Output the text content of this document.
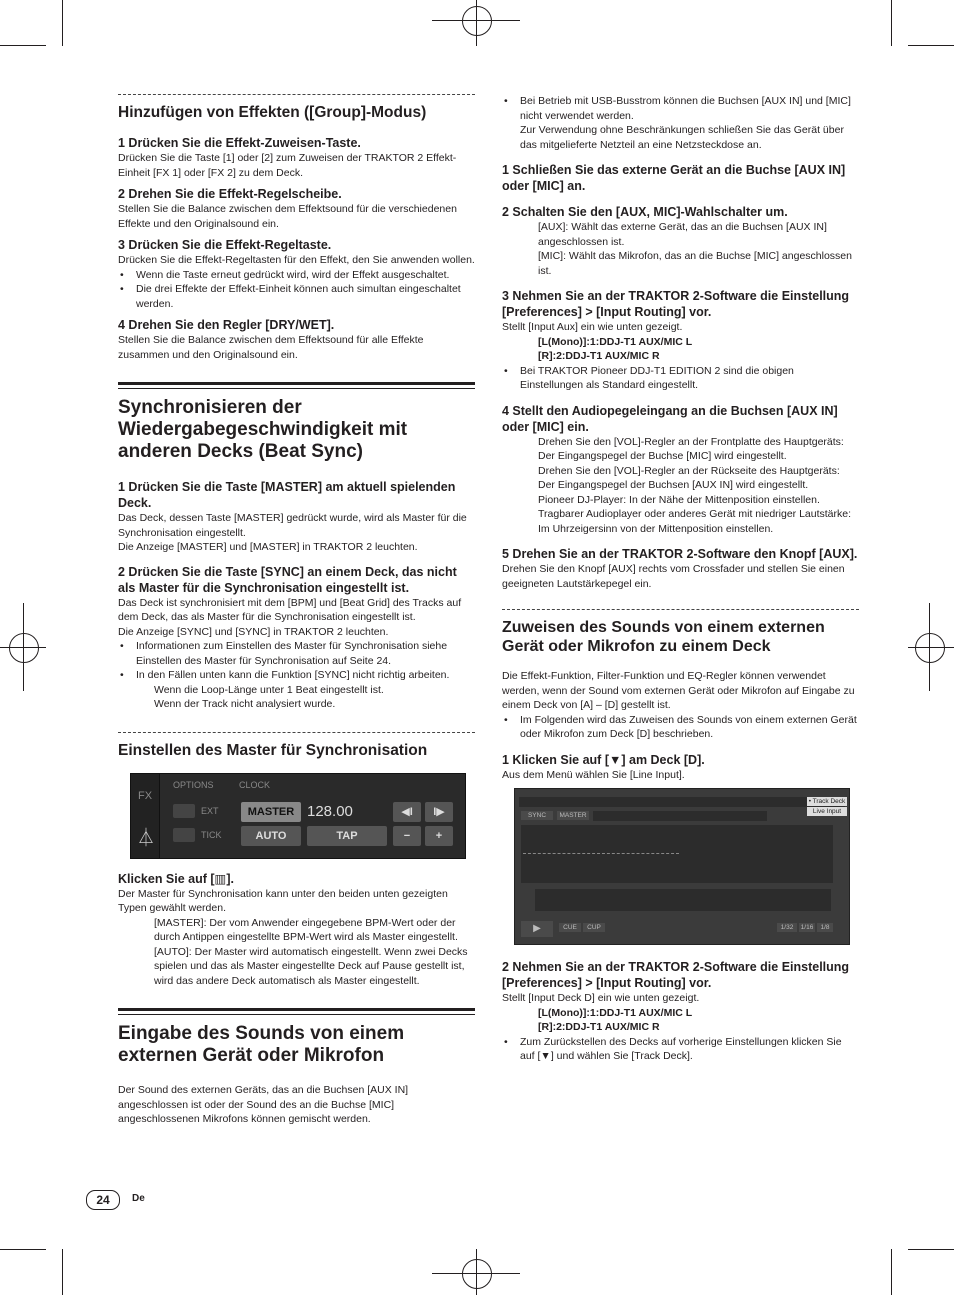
Hinzufügen von Effekten ([Group]-Modus)
1 Drücken Sie die Effekt-Zuweisen-Taste.

Drücken Sie die Taste [1] oder [2] zum Zuweisen der TRAKTOR 2 Effekt-Einheit [FX 1] oder [FX 2] zu dem Deck.

2 Drehen Sie die Effekt-Regelscheibe.

Stellen Sie die Balance zwischen dem Effektsound für die verschiedenen Effekte und den Originalsound ein.

3 Drücken Sie die Effekt-Regeltaste.

Drücken Sie die Effekt-Regeltasten für den Effekt, den Sie anwenden wollen.

• Wenn die Taste erneut gedrückt wird, wird der Effekt ausgeschaltet.

• Die drei Effekte der Effekt-Einheit können auch simultan eingeschaltet werden.

4 Drehen Sie den Regler [DRY/WET].

Stellen Sie die Balance zwischen dem Effektsound für alle Effekte zusammen und den Originalsound ein.

Synchronisieren der Wiedergabegeschwindigkeit mit anderen Decks (Beat Sync)
1 Drücken Sie die Taste [MASTER] am aktuell spielenden Deck.

Das Deck, dessen Taste [MASTER] gedrückt wurde, wird als Master für die Synchronisation eingestellt.

Die Anzeige [MASTER] und [MASTER] in TRAKTOR 2 leuchten.

2 Drücken Sie die Taste [SYNC] an einem Deck, das nicht als Master für die Synchronisation eingestellt ist.

Das Deck ist synchronisiert mit dem [BPM] und [Beat Grid] des Tracks auf dem Deck, das als Master für die Synchronisation eingestellt ist.

Die Anzeige [SYNC] und [SYNC] in TRAKTOR 2 leuchten.

• Informationen zum Einstellen des Master für Synchronisation siehe Einstellen des Master für Synchronisation auf Seite 24.

• In den Fällen unten kann die Funktion [SYNC] nicht richtig arbeiten.

Wenn die Loop-Länge unter 1 Beat eingestellt ist.

Wenn der Track nicht analysiert wurde.

Einstellen des Master für Synchronisation
FX
⏃
OPTIONS	CLOCK
EXT
TICK
MASTER 128.00	◀I	I▶
AUTO	TAP	−	+
Klicken Sie auf [▥].

Der Master für Synchronisation kann unter den beiden unten gezeigten Typen gewählt werden.

[MASTER]: Der vom Anwender eingegebene BPM-Wert oder der durch Antippen eingestellte BPM-Wert wird als Master eingestellt.

[AUTO]: Der Master wird automatisch eingestellt. Wenn zwei Decks spielen und das als Master eingestellte Deck auf Pause gestellt ist, wird das andere Deck automatisch als Master eingestellt.

Eingabe des Sounds von einem externen Gerät oder Mikrofon

Der Sound des externen Geräts, das an die Buchsen [AUX IN] angeschlossen ist oder der Sound des an die Buchse [MIC] angeschlossenen Mikrofons können gemischt werden.

• Bei Betrieb mit USB-Busstrom können die Buchsen [AUX IN] und [MIC] nicht verwendet werden.

Zur Verwendung ohne Beschränkungen schließen Sie das Gerät über das mitgelieferte Netzteil an eine Netzsteckdose an.

1 Schließen Sie das externe Gerät an die Buchse [AUX IN] oder [MIC] an.
2 Schalten Sie den [AUX, MIC]-Wahlschalter um.

[AUX]: Wählt das externe Gerät, das an die Buchsen [AUX IN] angeschlossen ist.

[MIC]: Wählt das Mikrofon, das an die Buchse [MIC] angeschlossen ist.

3 Nehmen Sie an der TRAKTOR 2-Software die Einstellung [Preferences] > [Input Routing] vor.

Stellt [Input Aux] ein wie unten gezeigt.

[L(Mono)]:1:DDJ-T1 AUX/MIC L

[R]:2:DDJ-T1 AUX/MIC R

• Bei TRAKTOR Pioneer DDJ-T1 EDITION 2 sind die obigen Einstellungen als Standard eingestellt.

4 Stellt den Audiopegeleingang an die Buchsen [AUX IN] oder [MIC] ein.

Drehen Sie den [VOL]-Regler an der Frontplatte des Hauptgeräts: Der Eingangspegel der Buchse [MIC] wird eingestellt.

Drehen Sie den [VOL]-Regler an der Rückseite des Hauptgeräts: Der Eingangspegel der Buchsen [AUX IN] wird eingestellt.

Pioneer DJ-Player: In der Nähe der Mittenposition einstellen.

Tragbarer Audioplayer oder anderes Gerät mit niedriger Lautstärke: Im Uhrzeigersinn von der Mittenposition einstellen.

5 Drehen Sie an der TRAKTOR 2-Software den Knopf [AUX].

Drehen Sie den Knopf [AUX] rechts vom Crossfader und stellen Sie einen geeigneten Lautstärkepegel ein.

Zuweisen des Sounds von einem externen Gerät oder Mikrofon zu einem Deck

Die Effekt-Funktion, Filter-Funktion und EQ-Regler können verwendet werden, wenn der Sound vom externen Gerät oder Mikrofon auf Eingabe zu einem Deck von [A] – [D] gestellt ist.

• Im Folgenden wird das Zuweisen des Sounds von einem externen Gerät oder Mikrofon zum Deck [D] beschrieben.

1 Klicken Sie auf [▼] am Deck [D].

Aus dem Menü wählen Sie [Line Input].

• Track Deck
Live Input
SYNC	MASTER
▶	CUE	CUP	1/32	1/16	1/8
2 Nehmen Sie an der TRAKTOR 2-Software die Einstellung [Preferences] > [Input Routing] vor.

Stellt [Input Deck D] ein wie unten gezeigt.

[L(Mono)]:1:DDJ-T1 AUX/MIC L

[R]:2:DDJ-T1 AUX/MIC R

• Zum Zurückstellen des Decks auf vorherige Einstellungen klicken Sie auf [▼] und wählen Sie [Track Deck].

24	De
